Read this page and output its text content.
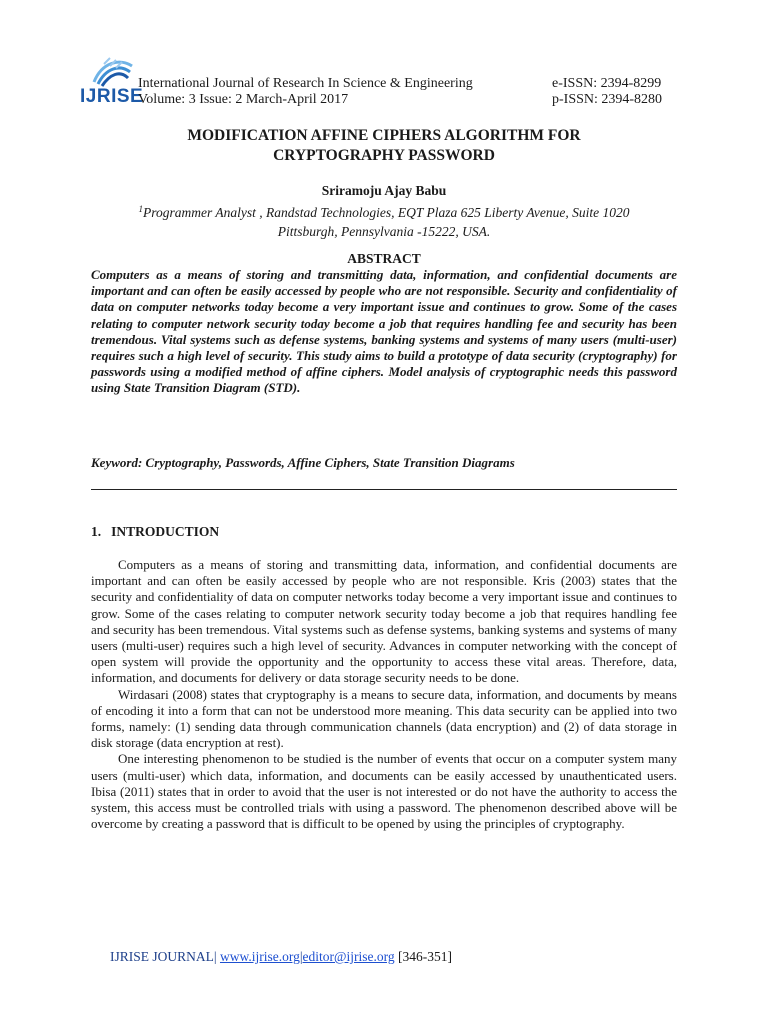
IJRISE
International Journal of Research In Science & Engineering
Volume: 3 Issue: 2 March-April 2017
e-ISSN: 2394-8299
p-ISSN: 2394-8280
MODIFICATION AFFINE CIPHERS ALGORITHM FOR
CRYPTOGRAPHY PASSWORD
Sriramoju Ajay Babu
$^1$Programmer Analyst , Randstad Technologies, EQT Plaza 625 Liberty Avenue, Suite 1020
Pittsburgh, Pennsylvania -15222, USA.
ABSTRACT
Computers as a means of storing and transmitting data, information, and confidential documents are important and can often be easily accessed by people who are not responsible. Security and confidentiality of data on computer networks today become a very important issue and continues to grow. Some of the cases relating to computer network security today become a job that requires handling fee and security has been tremendous. Vital systems such as defense systems, banking systems and systems of many users (multi-user) requires such a high level of security. This study aims to build a prototype of data security (cryptography) for passwords using a modified method of affine ciphers. Model analysis of cryptographic needs this password using State Transition Diagram (STD).
Keyword: Cryptography, Passwords, Affine Ciphers, State Transition Diagrams
1. INTRODUCTION

Computers as a means of storing and transmitting data, information, and confidential documents are important and can often be easily accessed by people who are not responsible. Kris (2003) states that the security and confidentiality of data on computer networks today become a very important issue and continues to grow. Some of the cases relating to computer network security today become a job that requires handling fee and security has been tremendous. Vital systems such as defense systems, banking systems and systems of many users (multi-user) requires such a high level of security. Advances in computer networking with the concept of open system will provide the opportunity and the opportunity to access these vital areas. Therefore, data, information, and documents for delivery or data storage security needs to be done.

Wirdasari (2008) states that cryptography is a means to secure data, information, and documents by means of encoding it into a form that can not be understood more meaning. This data security can be applied into two forms, namely: (1) sending data through communication channels (data encryption) and (2) of data storage in disk storage (data encryption at rest).

One interesting phenomenon to be studied is the number of events that occur on a computer system many users (multi-user) which data, information, and documents can be easily accessed by unauthenticated users. Ibisa (2011) states that in order to avoid that the user is not interested or do not have the authority to access the system, this access must be controlled trials with using a password. The phenomenon described above will be overcome by creating a password that is difficult to be opened by using the principles of cryptography.

IJRISE JOURNAL| www.ijrise.org|editor@ijrise.org [346-351]
